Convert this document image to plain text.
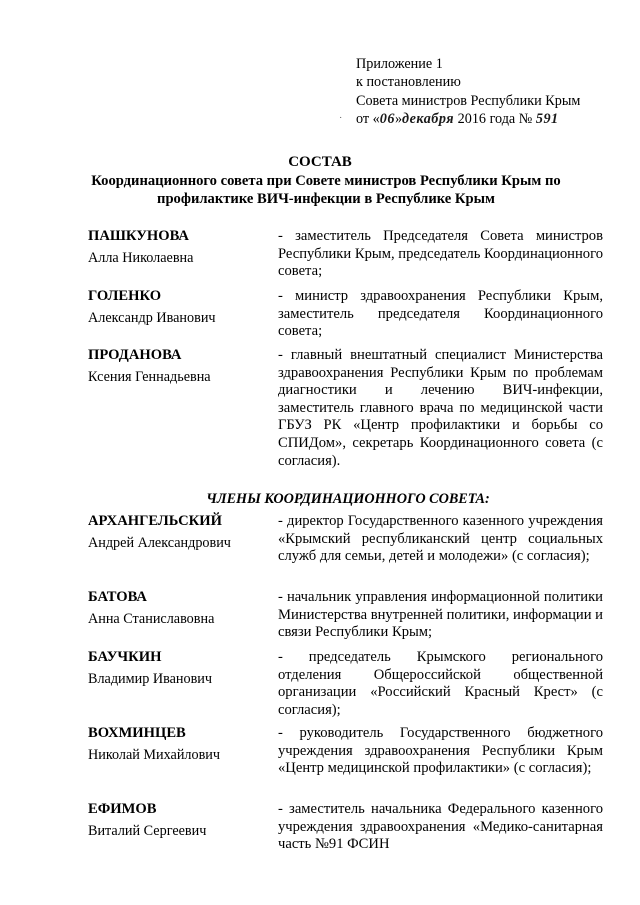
˙
Приложение 1
к постановлению
Совета министров Республики Крым
от «06»декабря 2016 года № 591
СОСТАВ
Координационного совета при Совете министров Республики Крым по профилактике ВИЧ-инфекции в Республике Крым
ПАШКУНОВА
Алла Николаевна
- заместитель Председателя Совета министров Республики Крым, председатель Координационного совета;
ГОЛЕНКО
Александр Иванович
- министр здравоохранения Республики Крым, заместитель председателя Координационного совета;
ПРОДАНОВА
Ксения Геннадьевна
- главный внештатный специалист Министерства здравоохранения Республики Крым по проблемам диагностики и лечению ВИЧ-инфекции, заместитель главного врача по медицинской части ГБУЗ РК «Центр профилактики и борьбы со СПИДом», секретарь Координационного совета (с согласия).
ЧЛЕНЫ КООРДИНАЦИОННОГО СОВЕТА:
АРХАНГЕЛЬСКИЙ
Андрей Александрович
- директор Государственного казенного учреждения «Крымский республиканский центр социальных служб для семьи, детей и молодежи» (с согласия);
БАТОВА
Анна Станиславовна
- начальник управления информационной политики Министерства внутренней политики, информации и связи Республики Крым;
БАУЧКИН
Владимир Иванович
- председатель Крымского регионального отделения Общероссийской общественной организации «Российский Красный Крест» (с согласия);
ВОХМИНЦЕВ
Николай Михайлович
- руководитель Государственного бюджетного учреждения здравоохранения Республики Крым «Центр медицинской профилактики» (с согласия);
ЕФИМОВ
Виталий Сергеевич
- заместитель начальника Федерального казенного учреждения здравоохранения «Медико-санитарная часть №91 ФСИН
